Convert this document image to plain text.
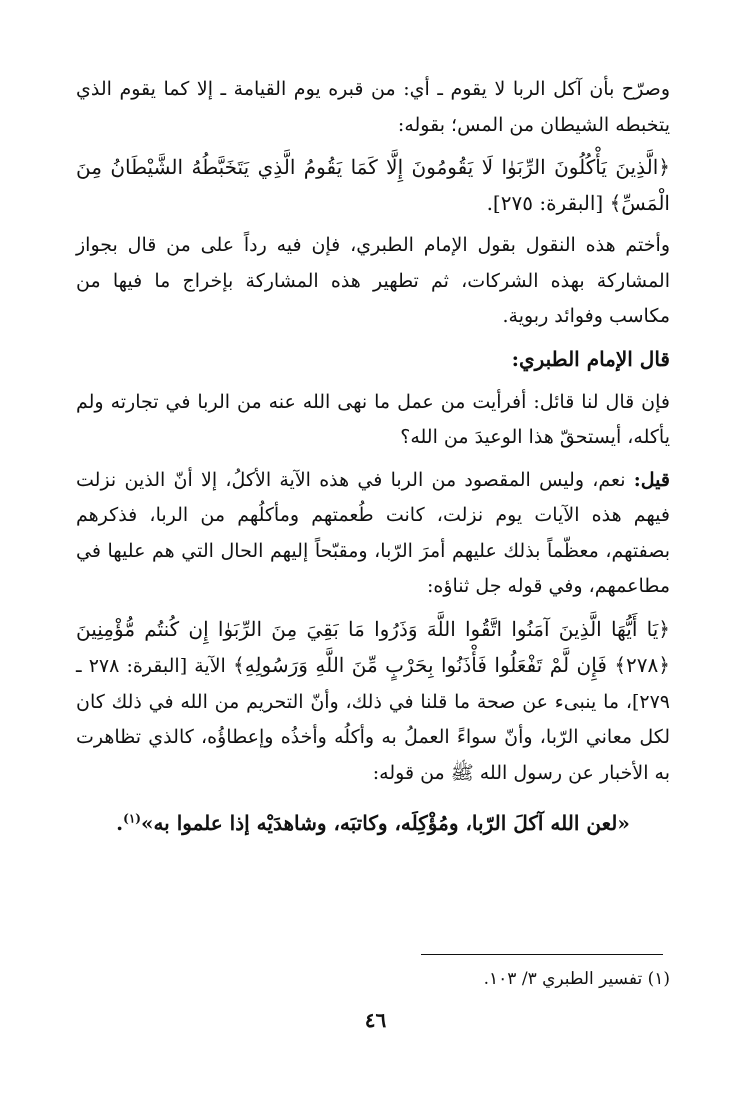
وصرّح بأن آكل الربا لا يقوم ـ أي: من قبره يوم القيامة ـ إلا كما يقوم الذي يتخبطه الشيطان من المس؛ بقوله:

﴿الَّذِينَ يَأْكُلُونَ الرِّبَوٰا لَا يَقُومُونَ إِلَّا كَمَا يَقُومُ الَّذِي يَتَخَبَّطُهُ الشَّيْطَانُ مِنَ الْمَسِّ﴾ [البقرة: ٢٧٥].

وأختم هذه النقول بقول الإمام الطبري، فإن فيه رداً على من قال بجواز المشاركة بهذه الشركات، ثم تطهير هذه المشاركة بإخراج ما فيها من مكاسب وفوائد ربوية.

قال الإمام الطبري:

فإن قال لنا قائل: أفرأيت من عمل ما نهى الله عنه من الربا في تجارته ولم يأكله، أيستحقّ هذا الوعيدَ من الله؟

قيل: نعم، وليس المقصود من الربا في هذه الآية الأكلُ، إلا أنّ الذين نزلت فيهم هذه الآيات يوم نزلت، كانت طُعمتهم ومأكلُهم من الربا، فذكرهم بصفتهم، معظّماً بذلك عليهم أمرَ الرّبا، ومقبّحاً إليهم الحال التي هم عليها في مطاعمهم، وفي قوله جل ثناؤه:

﴿يَا أَيُّهَا الَّذِينَ آمَنُوا اتَّقُوا اللَّهَ وَذَرُوا مَا بَقِيَ مِنَ الرِّبَوٰا إِن كُنتُم مُّؤْمِنِينَ ﴿٢٧٨﴾ فَإِن لَّمْ تَفْعَلُوا فَأْذَنُوا بِحَرْبٍ مِّنَ اللَّهِ وَرَسُولِهِ﴾ الآية [البقرة: ٢٧٨ ـ ٢٧٩]، ما ينبىء عن صحة ما قلنا في ذلك، وأنّ التحريم من الله في ذلك كان لكل معاني الرّبا، وأنّ سواءً العملُ به وأكلُه وأخذُه وإعطاؤُه، كالذي تظاهرت به الأخبار عن رسول الله ﷺ من قوله:

«لعن الله آكلَ الرّبا، ومُؤْكِلَه، وكاتبَه، وشاهدَيْه إذا علموا به»$^{(١)}$.

(١) تفسير الطبري ٣/ ١٠٣.
٤٦
